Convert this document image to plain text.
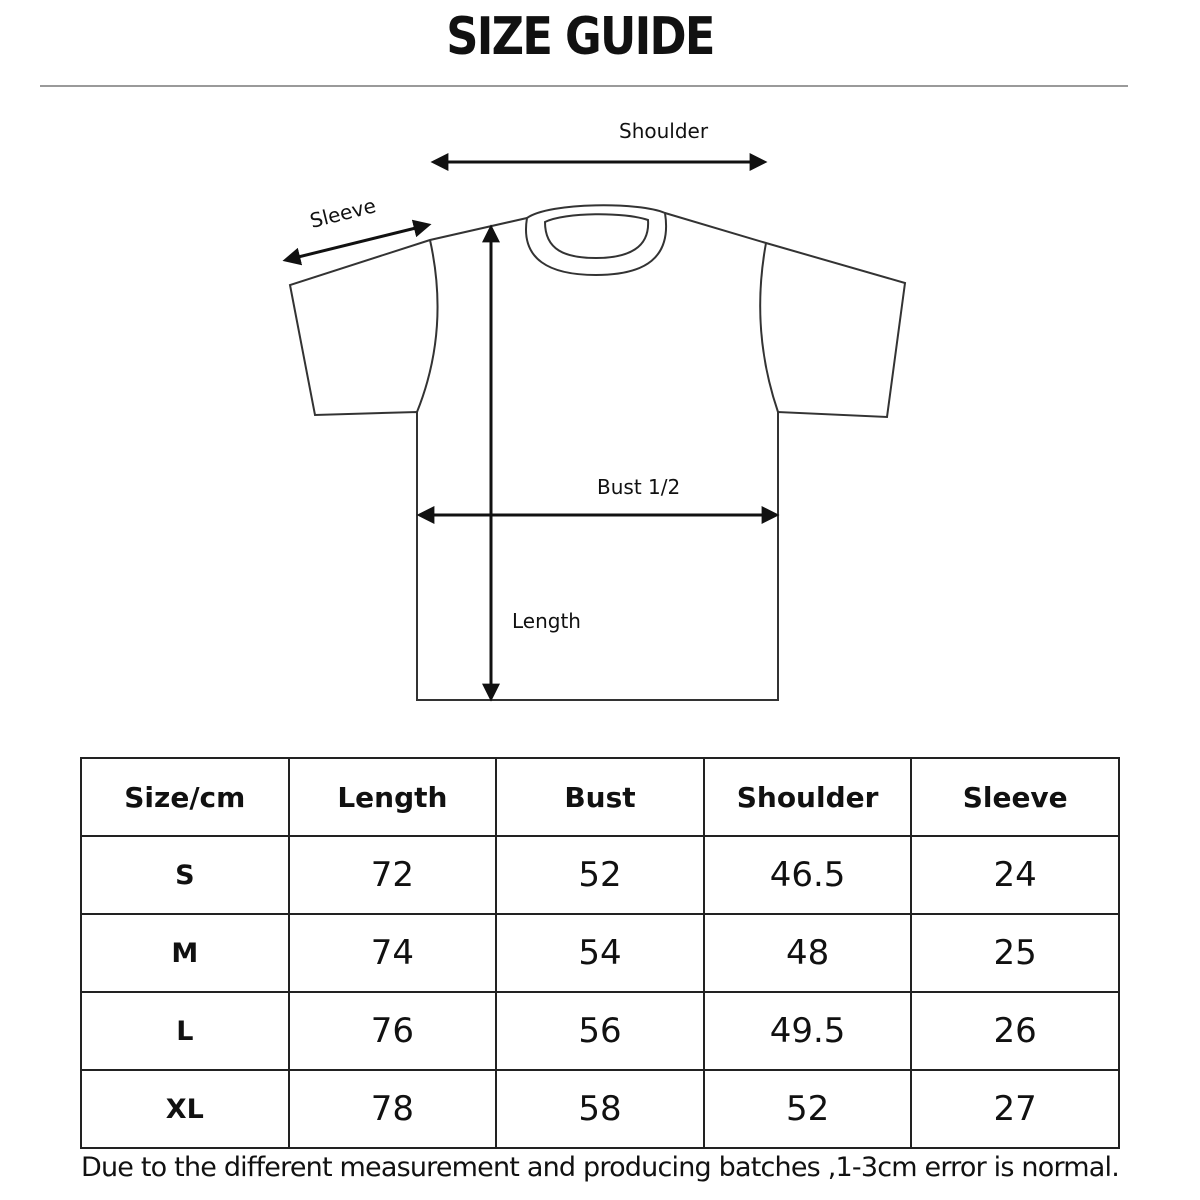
SIZE GUIDE
Shoulder
Sleeve
Bust 1/2
Length
Size/cm	Length	Bust	Shoulder	Sleeve
S	72	52	46.5	24
M	74	54	48	25
L	76	56	49.5	26
XL	78	58	52	27
Due to the different measurement and producing batches ,1-3cm error is normal.
